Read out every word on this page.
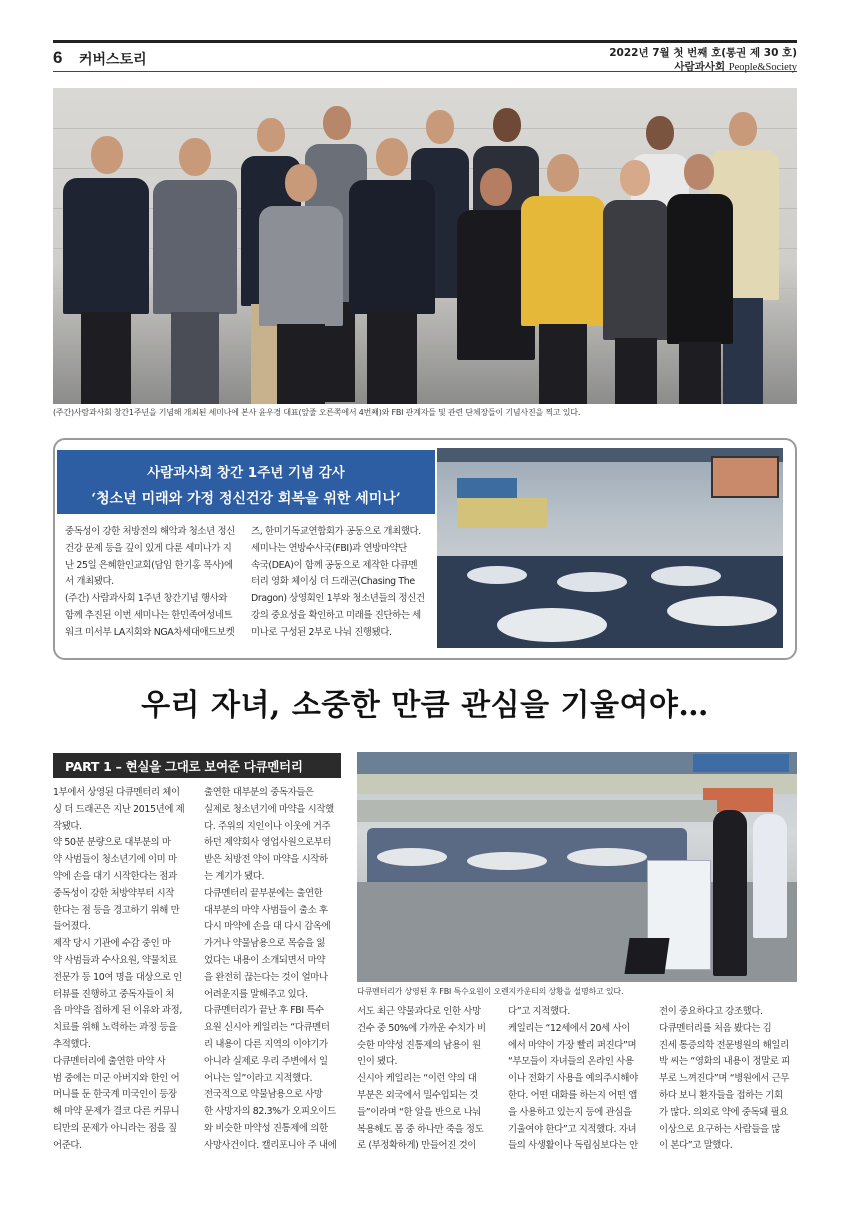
6 커버스토리	2022년 7월 첫 번째 호(통권 제 30 호)
사람과사회 People&Society
(주간)사람과사회 창간1주년을 기념해 개최된 세미나에 본사 윤우경 대표(앞줄 오른쪽에서 4번째)와 FBI 관계자들 및 관련 단체장들이 기념사진을 찍고 있다.
사람과사회 창간 1주년 기념 감사
‘청소년 미래와 가정 정신건강 회복을 위한 세미나’
중독성이 강한 처방전의 해악과 청소년 정신
건강 문제 등을 깊이 있게 다룬 세미나가 지
난 25일 은혜한인교회(담임 한기홍 목사)에
서 개최됐다.
(주간) 사람과사회 1주년 창간기념 행사와
함께 추진된 이번 세미나는 한민족여성네트
워크 미서부 LA지회와 NGA차세대애드보켓
즈, 한미기독교연합회가 공동으로 개최했다.
세미나는 연방수사국(FBI)과 연방마약단
속국(DEA)이 함께 공동으로 제작한 다큐멘
터리 영화 체이싱 더 드래곤(Chasing The
Dragon) 상영회인 1부와 청소년들의 정신건
강의 중요성을 확인하고 미래를 진단하는 세
미나로 구성된 2부로 나눠 진행됐다.
우리 자녀, 소중한 만큼 관심을 기울여야…
PART 1 – 현실을 그대로 보여준 다큐멘터리
다큐멘터리가 상영된 후 FBI 특수요원이 오렌지카운티의 상황을 설명하고 있다.
1부에서 상영된 다큐멘터리 체이
싱 더 드래곤은 지난 2015년에 제
작됐다.
약 50분 분량으로 대부분의 마
약 사범들이 청소년기에 이미 마
약에 손을 대기 시작한다는 점과
중독성이 강한 처방약부터 시작
한다는 점 등을 경고하기 위해 만
들어졌다.
제작 당시 기관에 수감 중인 마
약 사범들과 수사요원, 약물치료
전문가 등 10여 명을 대상으로 인
터뷰를 진행하고 중독자들이 처
음 마약을 접하게 된 이유와 과정,
치료를 위해 노력하는 과정 등을
추적했다.
다큐멘터리에 출연한 마약 사
범 중에는 미군 아버지와 한인 어
머니를 둔 한국계 미국인이 등장
해 마약 문제가 결코 다른 커뮤니
티만의 문제가 아니라는 점을 짚
어준다.
출연한 대부분의 중독자들은
실제로 청소년기에 마약을 시작했
다. 주위의 지인이나 이웃에 거주
하던 제약회사 영업사원으로부터
받은 처방전 약이 마약을 시작하
는 계기가 됐다.
다큐멘터리 끝부분에는 출연한
대부분의 마약 사범들이 출소 후
다시 마약에 손을 대 다시 감옥에
가거나 약물남용으로 목숨을 잃
었다는 내용이 소개되면서 마약
을 완전히 끊는다는 것이 얼마나
어려운지를 말해주고 있다.
다큐멘터리가 끝난 후 FBI 특수
요원 신시아 케일리는 “다큐멘터
리 내용이 다른 지역의 이야기가
아니라 실제로 우리 주변에서 일
어나는 일”이라고 지적했다.
전국적으로 약물남용으로 사망
한 사망자의 82.3%가 오피오이드
와 비슷한 마약성 진통제에 의한
사망사건이다. 캘리포니아 주 내에
서도 최근 약물과다로 인한 사망
건수 중 50%에 가까운 수치가 비
슷한 마약성 진통제의 남용이 원
인이 됐다.
신시아 케일리는 “이런 약의 대
부분은 외국에서 밀수입되는 것
들”이라며 “한 알을 반으로 나눠
복용해도 몸 중 하나만 죽을 정도
로 (부정확하게) 만들어진 것이
다”고 지적했다.
케일리는 “12세에서 20세 사이
에서 마약이 가장 빨리 퍼진다”며
“부모들이 자녀들의 온라인 사용
이나 전화기 사용을 예의주시해야
한다. 어떤 대화를 하는지 어떤 앱
을 사용하고 있는지 등에 관심을
기울여야 한다”고 지적했다. 자녀
들의 사생활이나 독립심보다는 안
전이 중요하다고 강조했다.
다큐멘터리를 처음 봤다는 김
진세 통증의학 전문병원의 해일리
박 씨는 “영화의 내용이 정말로 피
부로 느껴진다”며 “병원에서 근무
하다 보니 환자들을 접하는 기회
가 많다. 의외로 약에 중독돼 필요
이상으로 요구하는 사람들을 많
이 본다”고 말했다.
